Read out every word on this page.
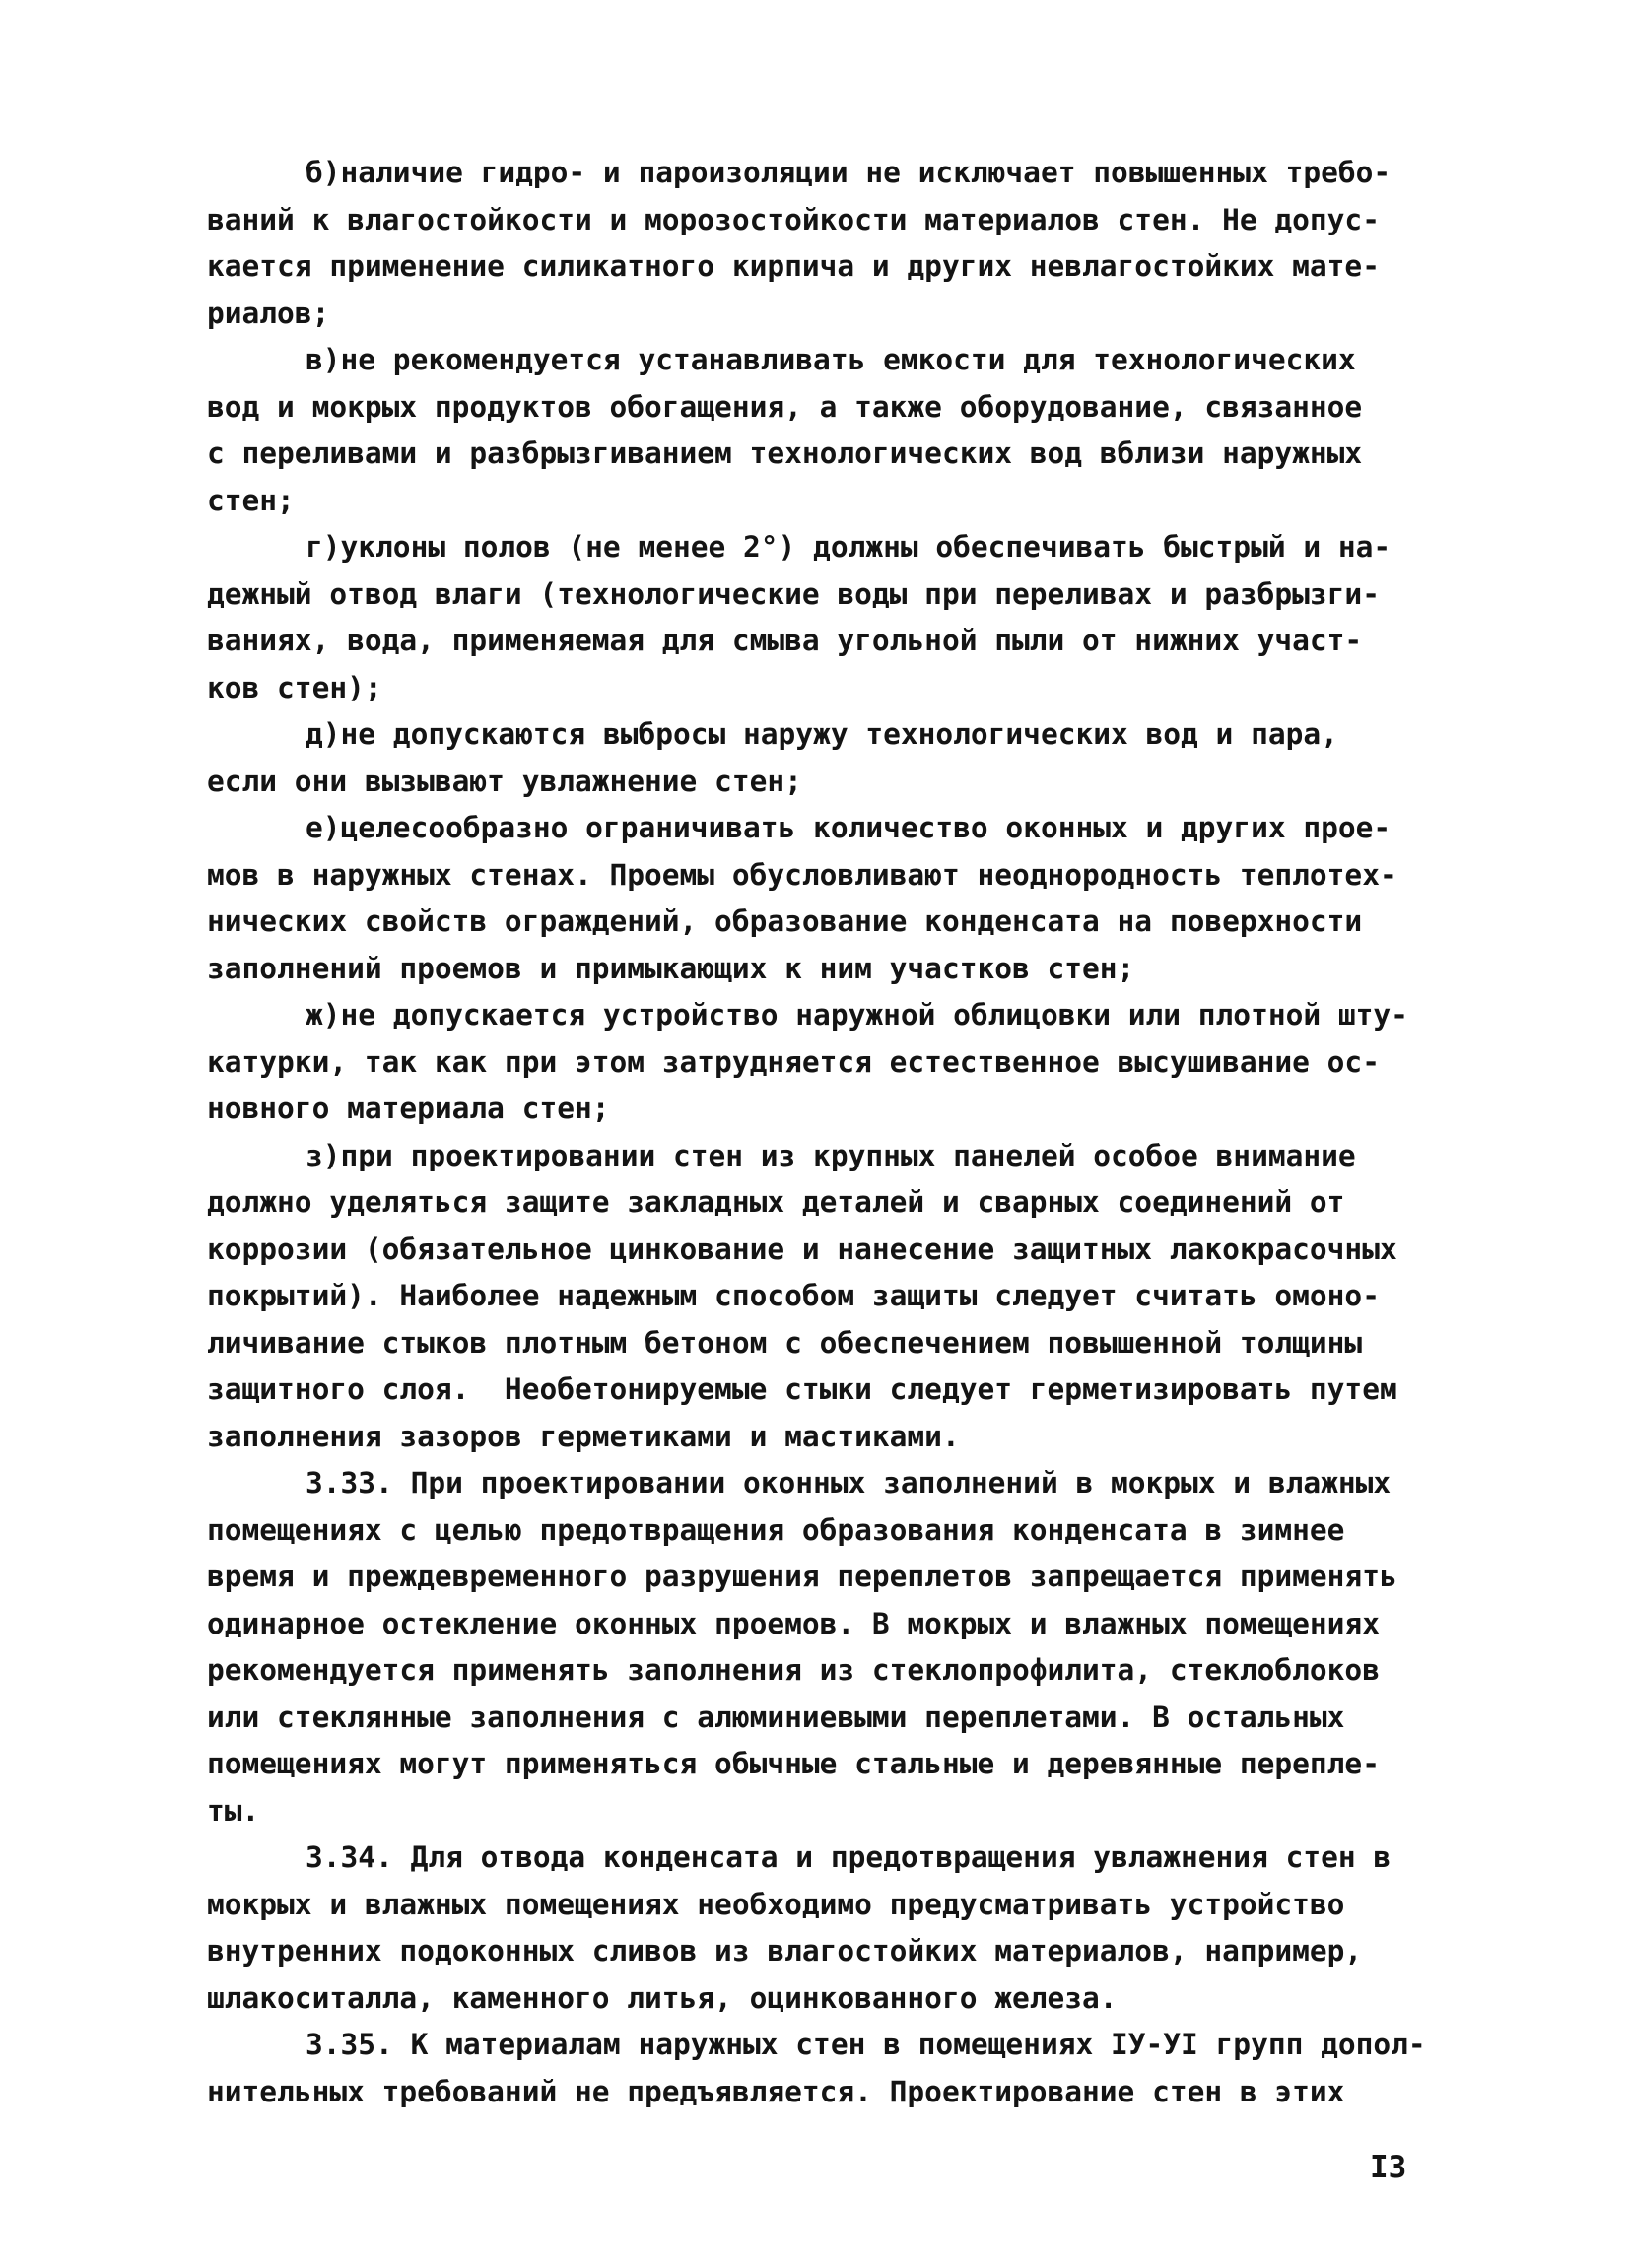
б)наличие гидро- и пароизоляции не исключает повышенных требо-
ваний к влагостойкости и морозостойкости материалов стен. Не допус-
кается применение силикатного кирпича и других невлагостойких мате-
риалов;
в)не рекомендуется устанавливать емкости для технологических
вод и мокрых продуктов обогащения, а также оборудование, связанное
с переливами и разбрызгиванием технологических вод вблизи наружных
стен;
г)уклоны полов (не менее 2°) должны обеспечивать быстрый и на-
дежный отвод влаги (технологические воды при переливах и разбрызги-
ваниях, вода, применяемая для смыва угольной пыли от нижних участ-
ков стен);
д)не допускаются выбросы наружу технологических вод и пара,
если они вызывают увлажнение стен;
е)целесообразно ограничивать количество оконных и других прое-
мов в наружных стенах. Проемы обусловливают неоднородность теплотех-
нических свойств ограждений, образование конденсата на поверхности
заполнений проемов и примыкающих к ним участков стен;
ж)не допускается устройство наружной облицовки или плотной шту-
катурки, так как при этом затрудняется естественное высушивание ос-
новного материала стен;
з)при проектировании стен из крупных панелей особое внимание
должно уделяться защите закладных деталей и сварных соединений от
коррозии (обязательное цинкование и нанесение защитных лакокрасочных
покрытий). Наиболее надежным способом защиты следует считать омоно-
личивание стыков плотным бетоном с обеспечением повышенной толщины
защитного слоя.  Необетонируемые стыки следует герметизировать путем
заполнения зазоров герметиками и мастиками.
3.33. При проектировании оконных заполнений в мокрых и влажных
помещениях с целью предотвращения образования конденсата в зимнее
время и преждевременного разрушения переплетов запрещается применять
одинарное остекление оконных проемов. В мокрых и влажных помещениях
рекомендуется применять заполнения из стеклопрофилита, стеклоблоков
или стеклянные заполнения с алюминиевыми переплетами. В остальных
помещениях могут применяться обычные стальные и деревянные перепле-
ты.
3.34. Для отвода конденсата и предотвращения увлажнения стен в
мокрых и влажных помещениях необходимо предусматривать устройство
внутренних подоконных сливов из влагостойких материалов, например,
шлакоситалла, каменного литья, оцинкованного железа.
3.35. К материалам наружных стен в помещениях IУ-УI групп допол-
нительных требований не предъявляется. Проектирование стен в этих
I3
